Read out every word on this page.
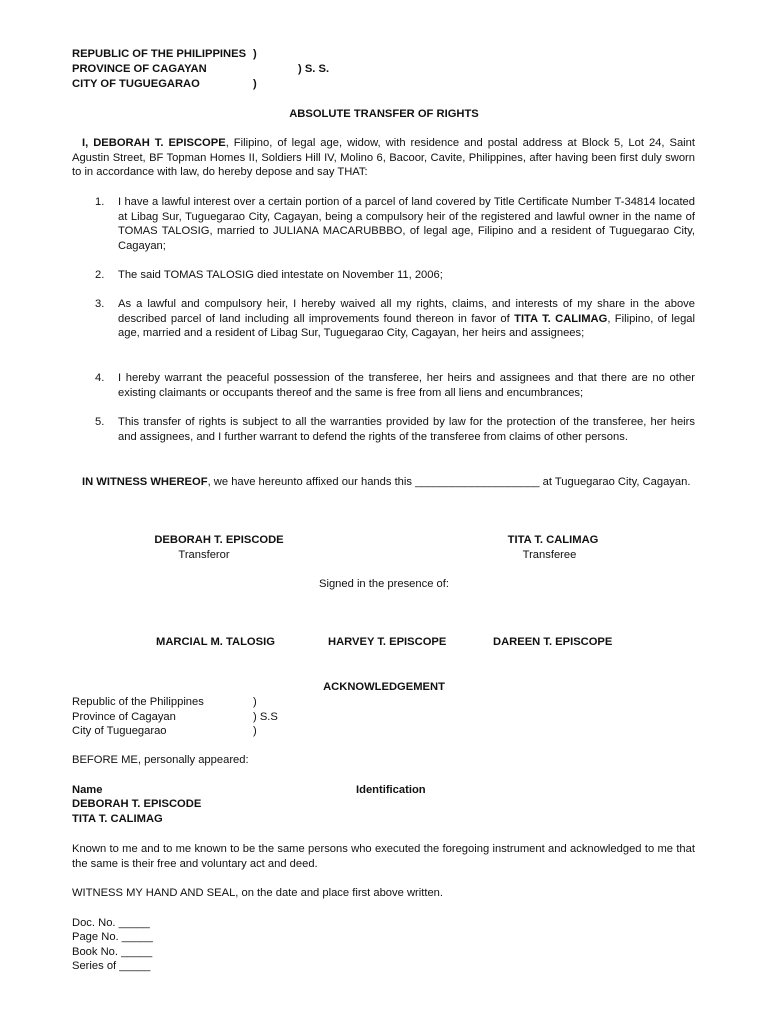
REPUBLIC OF THE PHILIPPINES )
PROVINCE OF CAGAYAN	) S. S.
CITY OF TUGUEGARAO	)
ABSOLUTE TRANSFER OF RIGHTS
I, DEBORAH T. EPISCOPE, Filipino, of legal age, widow, with residence and postal address at Block 5, Lot 24, Saint Agustin Street, BF Topman Homes II, Soldiers Hill IV, Molino 6, Bacoor, Cavite, Philippines, after having been first duly sworn to in accordance with law, do hereby depose and say THAT:
1. I have a lawful interest over a certain portion of a parcel of land covered by Title Certificate Number T-34814 located at Libag Sur, Tuguegarao City, Cagayan, being a compulsory heir of the registered and lawful owner in the name of TOMAS TALOSIG, married to JULIANA MACARUBBBO, of legal age, Filipino and a resident of Tuguegarao City, Cagayan;
2. The said TOMAS TALOSIG died intestate on November 11, 2006;
3. As a lawful and compulsory heir, I hereby waived all my rights, claims, and interests of my share in the above described parcel of land including all improvements found thereon in favor of TITA T. CALIMAG, Filipino, of legal age, married and a resident of Libag Sur, Tuguegarao City, Cagayan, her heirs and assignees;
4. I hereby warrant the peaceful possession of the transferee, her heirs and assignees and that there are no other existing claimants or occupants thereof and the same is free from all liens and encumbrances;
5. This transfer of rights is subject to all the warranties provided by law for the protection of the transferee, her heirs and assignees, and I further warrant to defend the rights of the transferee from claims of other persons.
IN WITNESS WHEREOF, we have hereunto affixed our hands this ____________________ at Tuguegarao City, Cagayan.
DEBORAH T. EPISCODE
Transferor
TITA T. CALIMAG
Transferee
Signed in the presence of:
MARCIAL M. TALOSIG	HARVEY T. EPISCOPE	DAREEN T. EPISCOPE
ACKNOWLEDGEMENT
Republic of the Philippines	)
Province of Cagayan	) S.S
City of Tuguegarao	)
BEFORE ME, personally appeared:
Name	Identification
DEBORAH T. EPISCODE
TITA T. CALIMAG
Known to me and to me known to be the same persons who executed the foregoing instrument and acknowledged to me that the same is their free and voluntary act and deed.
WITNESS MY HAND AND SEAL, on the date and place first above written.
Doc. No. _____
Page No. _____
Book No. _____
Series of _____
